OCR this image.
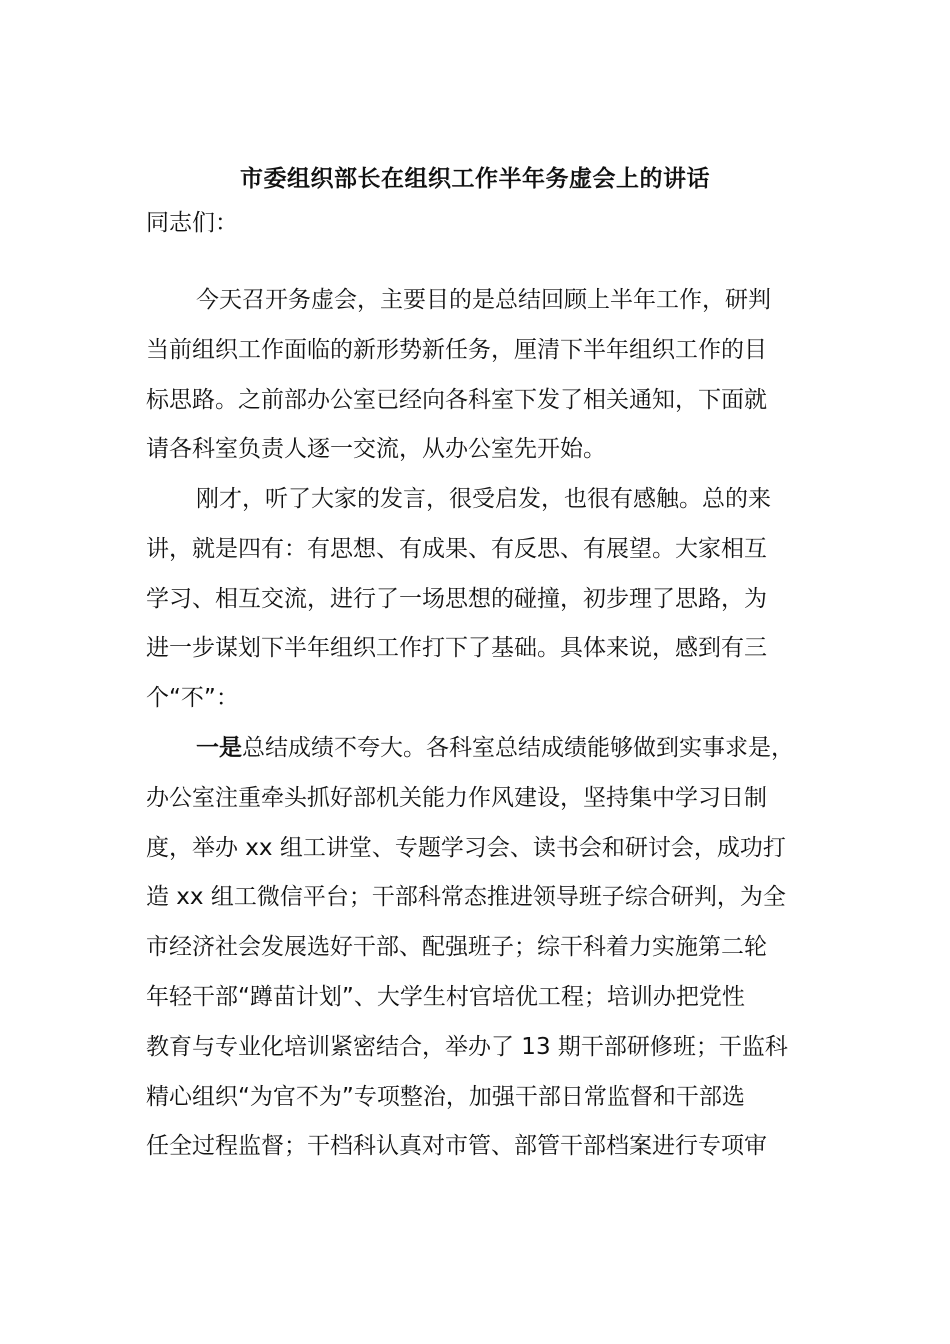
市委组织部长在组织工作半年务虚会上的讲话

同志们：

今天召开务虚会，主要目的是总结回顾上半年工作，研判
当前组织工作面临的新形势新任务，厘清下半年组织工作的目
标思路。之前部办公室已经向各科室下发了相关通知，下面就
请各科室负责人逐一交流，从办公室先开始。
刚才，听了大家的发言，很受启发，也很有感触。总的来
讲，就是四有：有思想、有成果、有反思、有展望。大家相互
学习、相互交流，进行了一场思想的碰撞，初步理了思路，为
进一步谋划下半年组织工作打下了基础。具体来说，感到有三
个“不”：
一是总结成绩不夸大。各科室总结成绩能够做到实事求是，
办公室注重牵头抓好部机关能力作风建设，坚持集中学习日制
度，举办 xx 组工讲堂、专题学习会、读书会和研讨会，成功打
造 xx 组工微信平台；干部科常态推进领导班子综合研判，为全
市经济社会发展选好干部、配强班子；综干科着力实施第二轮
年轻干部“蹲苗计划”、大学生村官培优工程；培训办把党性
教育与专业化培训紧密结合，举办了 13 期干部研修班；干监科
精心组织“为官不为”专项整治，加强干部日常监督和干部选
任全过程监督；干档科认真对市管、部管干部档案进行专项审
